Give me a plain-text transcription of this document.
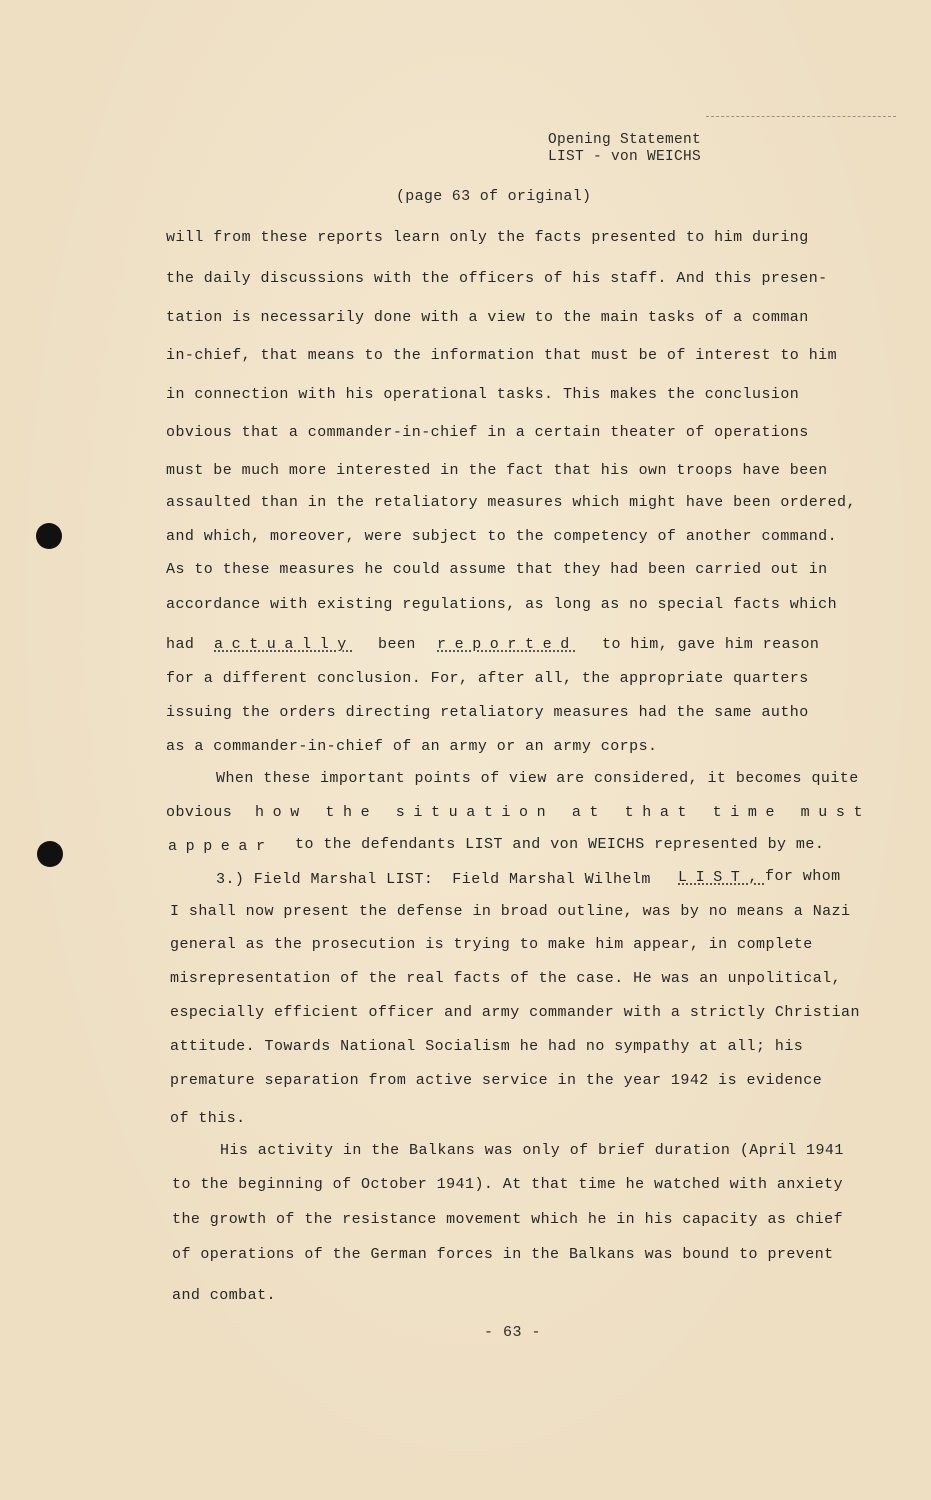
Opening Statement
LIST - von WEICHS
(page 63 of original)
will from these reports learn only the facts presented to him during
the daily discussions with the officers of his staff. And this presen-
tation is necessarily done with a view to the main tasks of a comman
in-chief, that means to the information that must be of interest to him
in connection with his operational tasks. This makes the conclusion
obvious that a commander-in-chief in a certain theater of operations
must be much more interested in the fact that his own troops have been
assaulted than in the retaliatory measures which might have been ordered,
and which, moreover, were subject to the competency of another command.
As to these measures he could assume that they had been carried out in
accordance with existing regulations, as long as no special facts which
had actually been reported to him, gave him reason
for a different conclusion. For, after all, the appropriate quarters
issuing the orders directing retaliatory measures had the same autho
as a commander-in-chief of an army or an army corps.
When these important points of view are considered, it becomes quite
obvious how the situation at that time must
appear to the defendants LIST and von WEICHS represented by me.
3.) Field Marshal LIST:  Field Marshal Wilhelm LIST,
for whom
I shall now present the defense in broad outline, was by no means a Nazi
general as the prosecution is trying to make him appear, in complete
misrepresentation of the real facts of the case. He was an unpolitical,
especially efficient officer and army commander with a strictly Christian
attitude. Towards National Socialism he had no sympathy at all; his
premature separation from active service in the year 1942 is evidence
of this.
His activity in the Balkans was only of brief duration (April 1941
to the beginning of October 1941). At that time he watched with anxiety
the growth of the resistance movement which he in his capacity as chief
of operations of the German forces in the Balkans was bound to prevent
and combat.
- 63 -
